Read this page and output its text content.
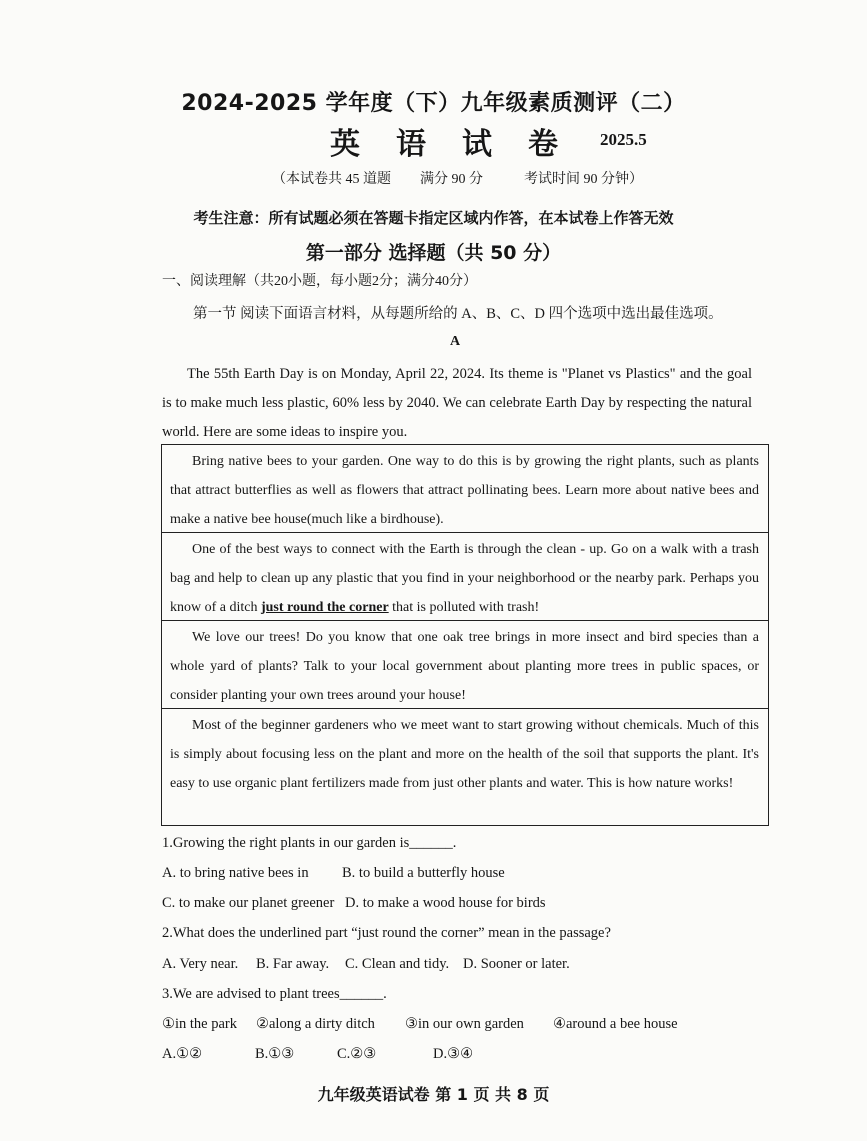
2024-2025 学年度（下）九年级素质测评（二）
英语试卷 2025.5
（本试卷共 45 道题 满分 90 分	考试时间 90 分钟）
考生注意：所有试题必须在答题卡指定区域内作答，在本试卷上作答无效
第一部分 选择题（共 50 分）
一、阅读理解（共20小题，每小题2分；满分40分）
第一节 阅读下面语言材料，从每题所给的 A、B、C、D 四个选项中选出最佳选项。
A
The 55th Earth Day is on Monday, April 22, 2024. Its theme is "Planet vs Plastics" and the goal is to make much less plastic, 60% less by 2040. We can celebrate Earth Day by respecting the natural world. Here are some ideas to inspire you.
Bring native bees to your garden. One way to do this is by growing the right plants, such as plants that attract butterflies as well as flowers that attract pollinating bees. Learn more about native bees and make a native bee house(much like a birdhouse).
One of the best ways to connect with the Earth is through the clean - up. Go on a walk with a trash bag and help to clean up any plastic that you find in your neighborhood or the nearby park. Perhaps you know of a ditch just round the corner that is polluted with trash!
We love our trees! Do you know that one oak tree brings in more insect and bird species than a whole yard of plants? Talk to your local government about planting more trees in public spaces, or consider planting your own trees around your house!
Most of the beginner gardeners who we meet want to start growing without chemicals. Much of this is simply about focusing less on the plant and more on the health of the soil that supports the plant. It's easy to use organic plant fertilizers made from just other plants and water. This is how nature works!
1.Growing the right plants in our garden is______.
A. to bring native bees in B. to build a butterfly house
C. to make our planet greener D. to make a wood house for birds
2.What does the underlined part “just round the corner” mean in the passage?
A. Very near. B. Far away. C. Clean and tidy. D. Sooner or later.
3.We are advised to plant trees______.
①in the park ②along a dirty ditch ③in our own garden ④around a bee house
A.①②	B.①③	C.②③	D.③④
九年级英语试卷 第 1 页 共 8 页
